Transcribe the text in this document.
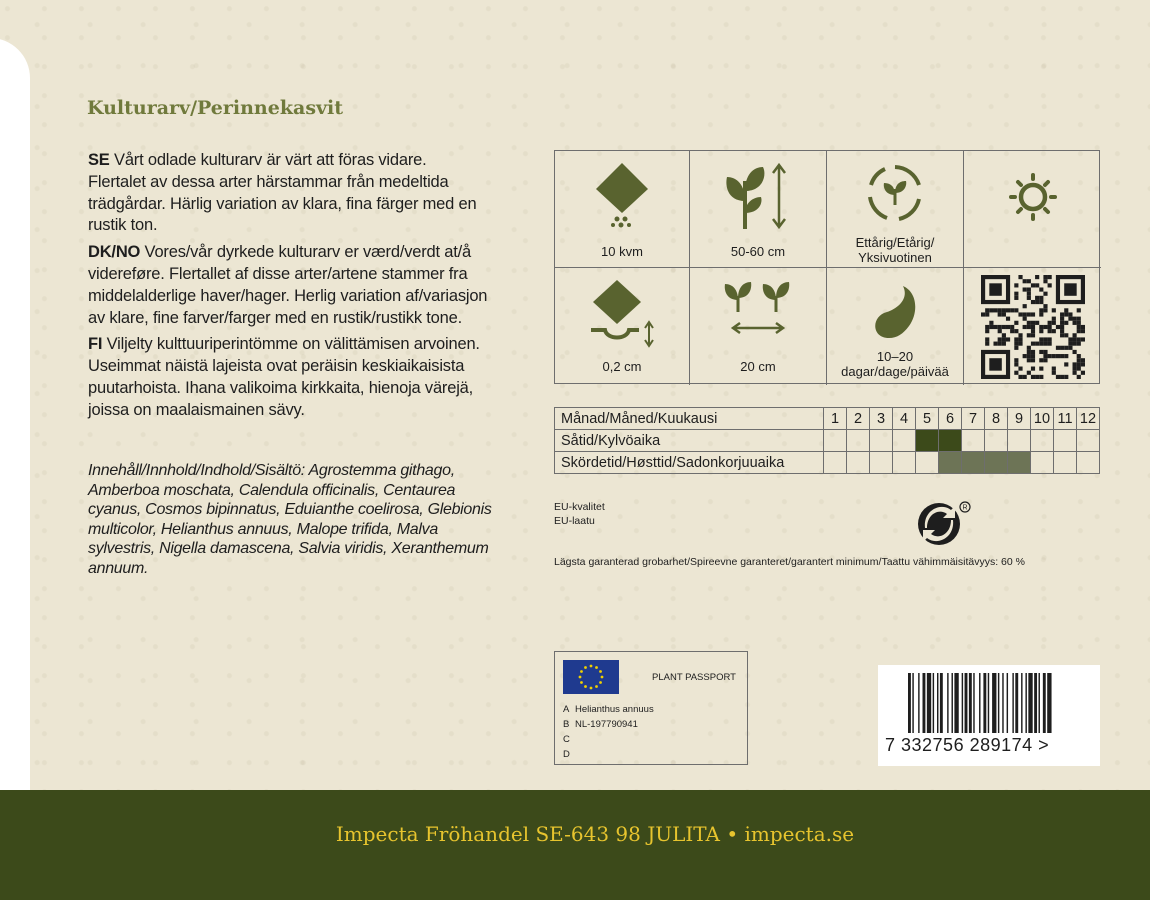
Kulturarv/Perinnekasvit

SE Vårt odlade kulturarv är värt att föras vidare. Flertalet av dessa arter härstammar från medeltida trädgårdar. Härlig variation av klara, fina färger med en rustik ton.

DK/NO Vores/vår dyrkede kulturarv er værd/verdt at/å videreføre. Flertallet af disse arter/artene stammer fra middelalderlige haver/hager. Herlig variation af/variasjon av klare, fine farver/farger med en rustik/rustikk tone.

FI Viljelty kulttuuriperintömme on välittämisen arvoinen. Useimmat näistä lajeista ovat peräisin keskiaikaisista puutarhoista. Ihana valikoima kirkkaita, hienoja värejä, joissa on maalaismainen sävy.

Innehåll/Innhold/Indhold/Sisältö: Agrostemma githago, Amberboa moschata, Calendula officinalis, Centaurea cyanus, Cosmos bipinnatus, Eduianthe coelirosa, Glebionis multicolor, Helianthus annuus, Malope trifida, Malva sylvestris, Nigella damascena, Salvia viridis, Xeranthemum annuum.
10 kvm	50-60 cm
Ettårig/Etårig/
Yksivuotinen
0,2 cm	20 cm
10–20
dagar/dage/päivää
Månad/Måned/Kuukausi	1	2	3	4	5	6	7	8	9	10	11	12
Såtid/Kylvöaika												
Skördetid/Høsttid/Sadonkorjuuaika												
EU-kvalitet
EU-laatu
R
Lägsta garanterad grobarhet/Spireevne garanteret/garantert minimum/Taattu vähimmäisitävyys: 60 %
PLANT PASSPORT
A Helianthus annuus
B NL-197790941
C
D	7 332756 289174 >
Impecta Fröhandel SE-643 98 JULITA • impecta.se
